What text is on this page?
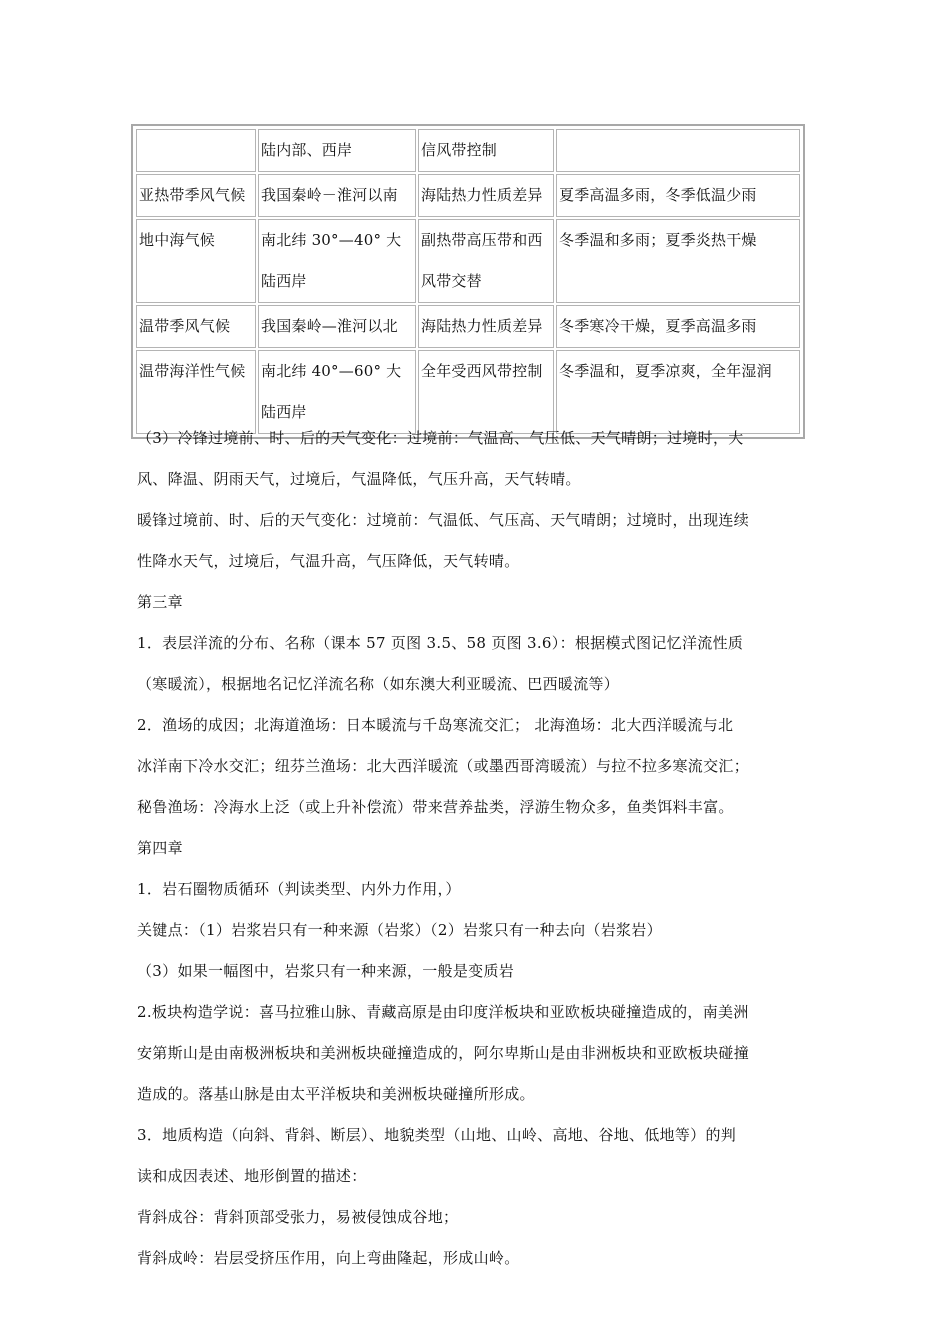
	陆内部、西岸	信风带控制	
亚热带季风气候	我国秦岭－淮河以南	海陆热力性质差异	夏季高温多雨，冬季低温少雨
地中海气候	南北纬 30°—40° 大陆西岸	副热带高压带和西风带交替	冬季温和多雨；夏季炎热干燥
温带季风气候	我国秦岭—淮河以北	海陆热力性质差异	冬季寒冷干燥，夏季高温多雨
温带海洋性气候	南北纬 40°—60° 大陆西岸	全年受西风带控制	冬季温和，夏季凉爽，全年湿润
（3）冷锋过境前、时、后的天气变化：过境前：气温高、气压低、天气晴朗；过境时，大
风、降温、阴雨天气，过境后，气温降低，气压升高，天气转晴。
暖锋过境前、时、后的天气变化：过境前：气温低、气压高、天气晴朗；过境时，出现连续
性降水天气，过境后，气温升高，气压降低，天气转晴。
第三章
1．表层洋流的分布、名称（课本 57 页图 3.5、58 页图 3.6）：根据模式图记忆洋流性质
（寒暖流），根据地名记忆洋流名称（如东澳大利亚暖流、巴西暖流等）
2．渔场的成因；北海道渔场：日本暖流与千岛寒流交汇； 北海渔场：北大西洋暖流与北
冰洋南下冷水交汇；纽芬兰渔场：北大西洋暖流（或墨西哥湾暖流）与拉不拉多寒流交汇；
秘鲁渔场：冷海水上泛（或上升补偿流）带来营养盐类，浮游生物众多，鱼类饵料丰富。
第四章
1．岩石圈物质循环（判读类型、内外力作用，）
关键点：（1）岩浆岩只有一种来源（岩浆）（2）岩浆只有一种去向（岩浆岩）
（3）如果一幅图中，岩浆只有一种来源，一般是变质岩
2.板块构造学说：喜马拉雅山脉、青藏高原是由印度洋板块和亚欧板块碰撞造成的，南美洲
安第斯山是由南极洲板块和美洲板块碰撞造成的，阿尔卑斯山是由非洲板块和亚欧板块碰撞
造成的。落基山脉是由太平洋板块和美洲板块碰撞所形成。
3．地质构造（向斜、背斜、断层）、地貌类型（山地、山岭、高地、谷地、低地等）的判
读和成因表述、地形倒置的描述：
背斜成谷：背斜顶部受张力，易被侵蚀成谷地；
背斜成岭：岩层受挤压作用，向上弯曲隆起，形成山岭。
